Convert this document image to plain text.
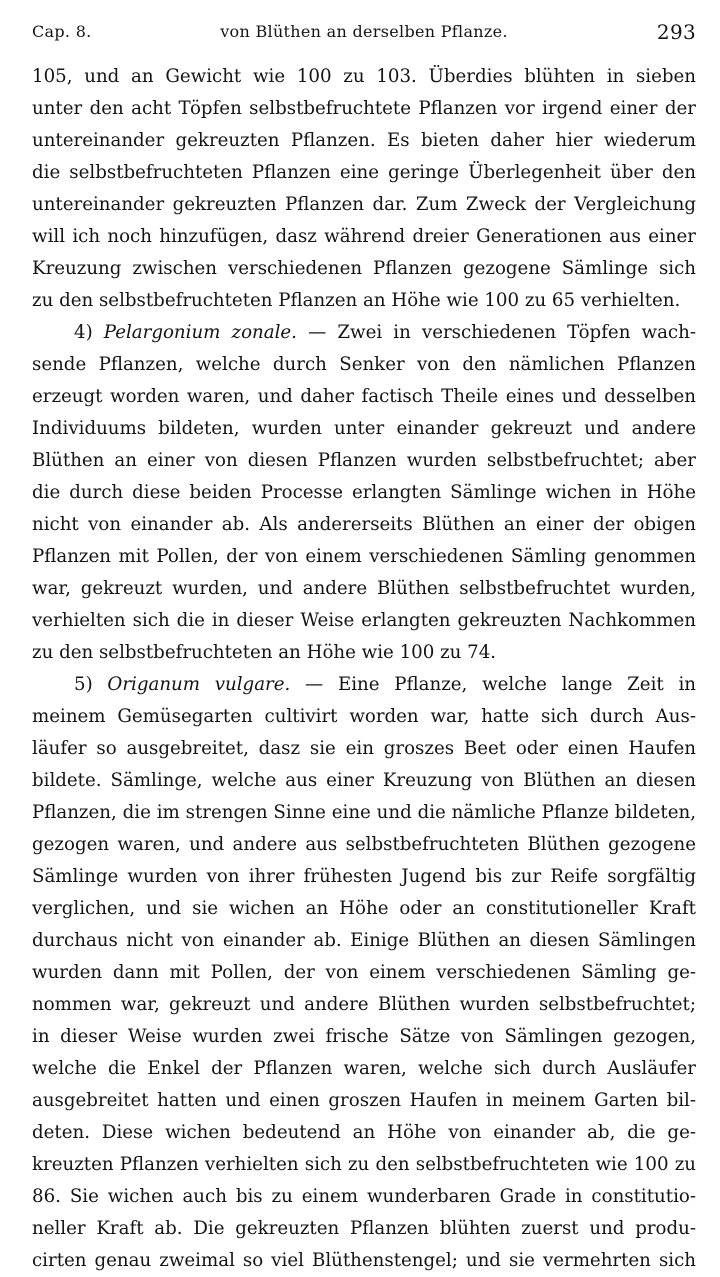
Cap. 8.	von Blüthen an derselben Pflanze.	293
105, und an Gewicht wie 100 zu 103. Überdies blühten in sieben
unter den acht Töpfen selbstbefruchtete Pflanzen vor irgend einer der
untereinander gekreuzten Pflanzen. Es bieten daher hier wiederum
die selbstbefruchteten Pflanzen eine geringe Überlegenheit über den
untereinander gekreuzten Pflanzen dar. Zum Zweck der Vergleichung
will ich noch hinzufügen, dasz während dreier Generationen aus einer
Kreuzung zwischen verschiedenen Pflanzen gezogene Sämlinge sich
zu den selbstbefruchteten Pflanzen an Höhe wie 100 zu 65 verhielten.
4) Pelargonium zonale. — Zwei in verschiedenen Töpfen wach-
sende Pflanzen, welche durch Senker von den nämlichen Pflanzen
erzeugt worden waren, und daher factisch Theile eines und desselben
Individuums bildeten, wurden unter einander gekreuzt und andere
Blüthen an einer von diesen Pflanzen wurden selbstbefruchtet; aber
die durch diese beiden Processe erlangten Sämlinge wichen in Höhe
nicht von einander ab. Als andererseits Blüthen an einer der obigen
Pflanzen mit Pollen, der von einem verschiedenen Sämling genommen
war, gekreuzt wurden, und andere Blüthen selbstbefruchtet wurden,
verhielten sich die in dieser Weise erlangten gekreuzten Nachkommen
zu den selbstbefruchteten an Höhe wie 100 zu 74.
5) Origanum vulgare. — Eine Pflanze, welche lange Zeit in
meinem Gemüsegarten cultivirt worden war, hatte sich durch Aus-
läufer so ausgebreitet, dasz sie ein groszes Beet oder einen Haufen
bildete. Sämlinge, welche aus einer Kreuzung von Blüthen an diesen
Pflanzen, die im strengen Sinne eine und die nämliche Pflanze bildeten,
gezogen waren, und andere aus selbstbefruchteten Blüthen gezogene
Sämlinge wurden von ihrer frühesten Jugend bis zur Reife sorgfältig
verglichen, und sie wichen an Höhe oder an constitutioneller Kraft
durchaus nicht von einander ab. Einige Blüthen an diesen Sämlingen
wurden dann mit Pollen, der von einem verschiedenen Sämling ge-
nommen war, gekreuzt und andere Blüthen wurden selbstbefruchtet;
in dieser Weise wurden zwei frische Sätze von Sämlingen gezogen,
welche die Enkel der Pflanzen waren, welche sich durch Ausläufer
ausgebreitet hatten und einen groszen Haufen in meinem Garten bil-
deten. Diese wichen bedeutend an Höhe von einander ab, die ge-
kreuzten Pflanzen verhielten sich zu den selbstbefruchteten wie 100 zu
86. Sie wichen auch bis zu einem wunderbaren Grade in constitutio-
neller Kraft ab. Die gekreuzten Pflanzen blühten zuerst und produ-
cirten genau zweimal so viel Blüthenstengel; und sie vermehrten sich
